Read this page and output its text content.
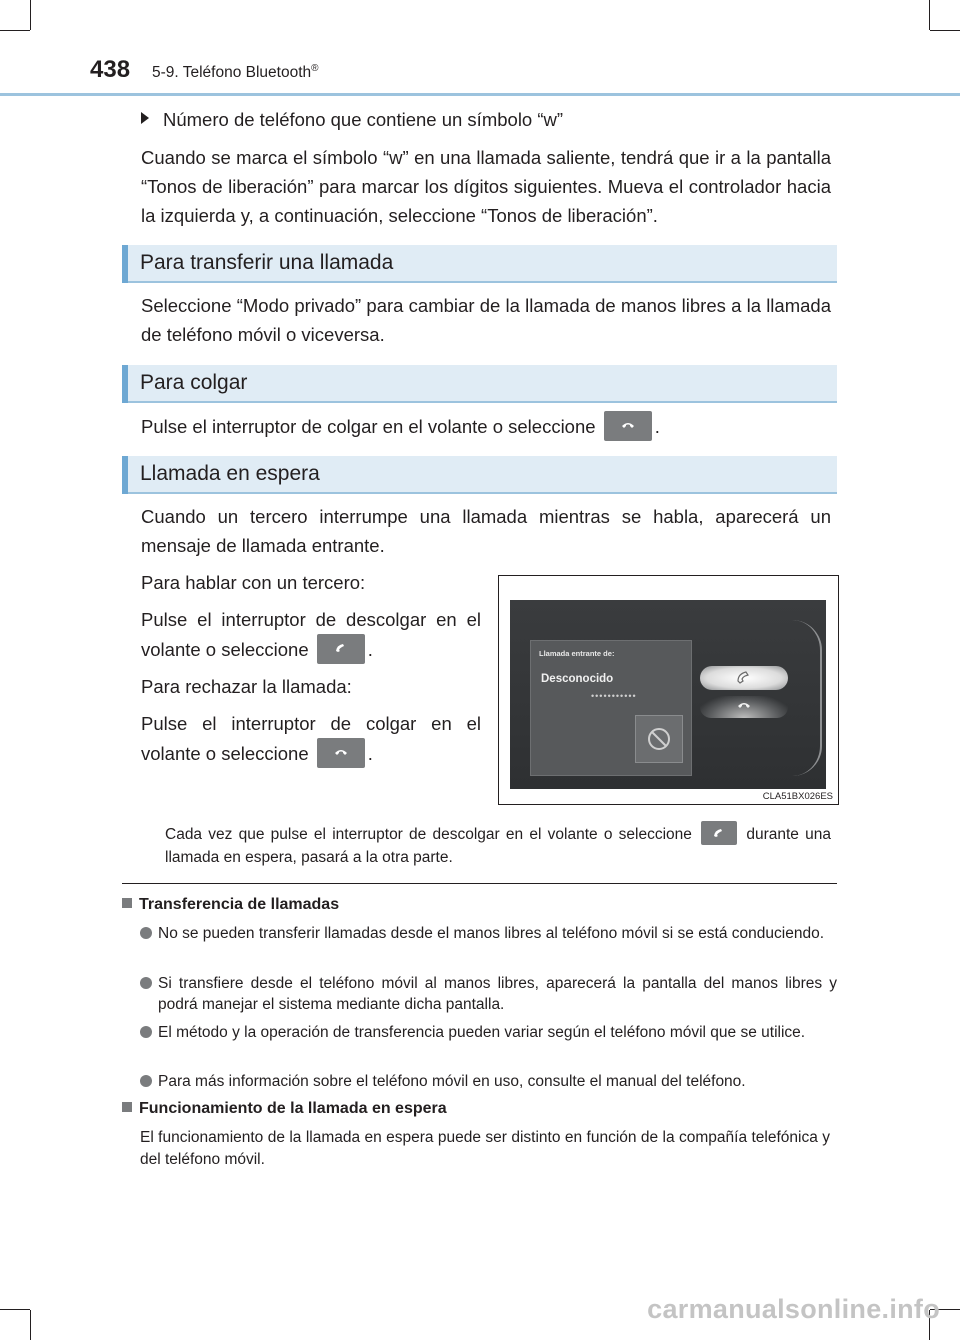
438 5-9. Teléfono Bluetooth®
Número de teléfono que contiene un símbolo “w”
Cuando se marca el símbolo “w” en una llamada saliente, tendrá que ir a la pantalla “Tonos de liberación” para marcar los dígitos siguientes. Mueva el controlador hacia la izquierda y, a continuación, seleccione “Tonos de liberación”.
Para transferir una llamada
Seleccione “Modo privado” para cambiar de la llamada de manos libres a la llamada de teléfono móvil o viceversa.
Para colgar
Pulse el interruptor de colgar en el volante o seleccione	.
Llamada en espera
Cuando un tercero interrumpe una llamada mientras se habla, aparecerá un mensaje de llamada entrante.
Para hablar con un tercero:
Pulse el interruptor de descolgar en el volante o seleccione	.
Para rechazar la llamada:
Pulse el interruptor de colgar en el volante o seleccione	.
Llamada entrante de:
Desconocido
•••••••••••
CLA51BX026ES
Cada vez que pulse el interruptor de descolgar en el volante o seleccione	durante una llamada en espera, pasará a la otra parte.
Transferencia de llamadas
No se pueden transferir llamadas desde el manos libres al teléfono móvil si se está conduciendo.
Si transfiere desde el teléfono móvil al manos libres, aparecerá la pantalla del manos libres y podrá manejar el sistema mediante dicha pantalla.
El método y la operación de transferencia pueden variar según el teléfono móvil que se utilice.
Para más información sobre el teléfono móvil en uso, consulte el manual del teléfono.
Funcionamiento de la llamada en espera
El funcionamiento de la llamada en espera puede ser distinto en función de la compañía telefónica y del teléfono móvil.
carmanualsonline.info
